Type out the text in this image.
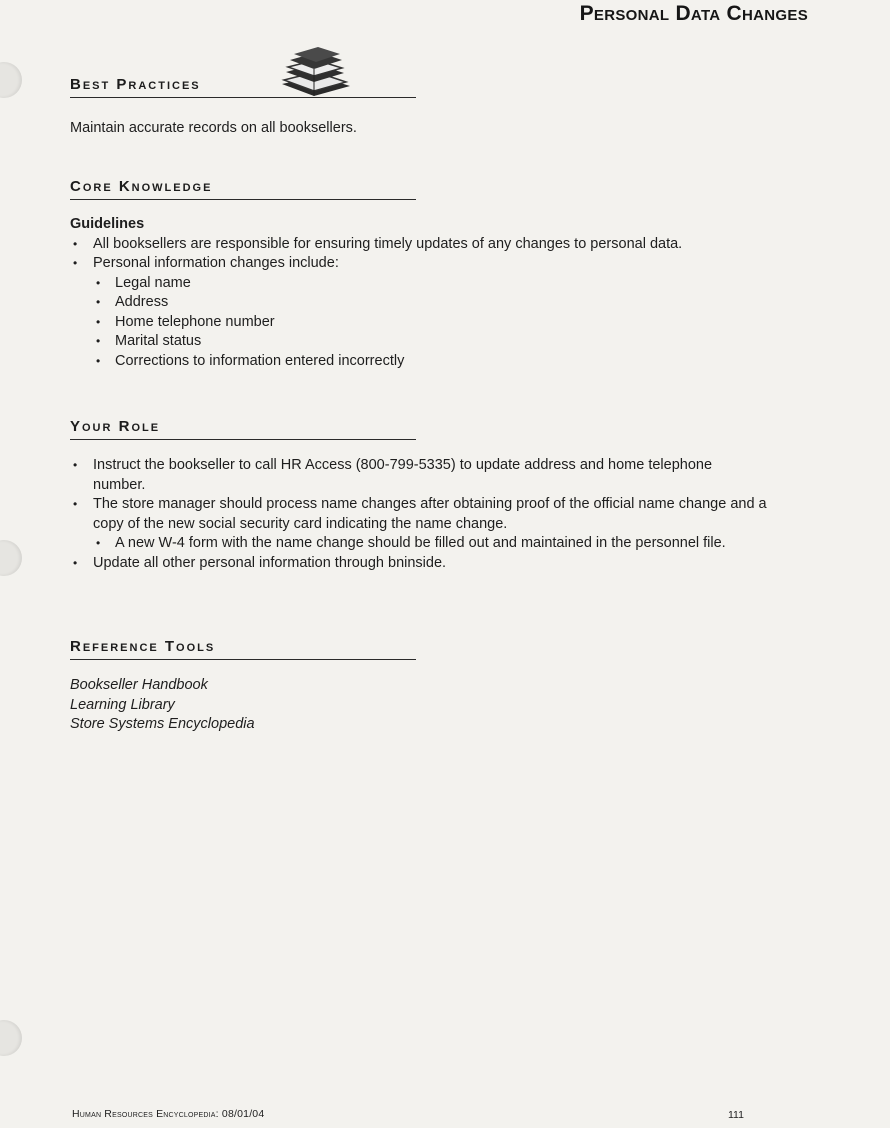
Personal Data Changes
Best Practices
Maintain accurate records on all booksellers.
Core Knowledge
Guidelines
• All booksellers are responsible for ensuring timely updates of any changes to personal data.
• Personal information changes include:
• Legal name
• Address
• Home telephone number
• Marital status
• Corrections to information entered incorrectly
Your Role
• Instruct the bookseller to call HR Access (800-799-5335) to update address and home telephone number.
• The store manager should process name changes after obtaining proof of the official name change and a copy of the new social security card indicating the name change.
• A new W-4 form with the name change should be filled out and maintained in the personnel file.
• Update all other personal information through bninside.
Reference Tools
Bookseller Handbook
Learning Library
Store Systems Encyclopedia
Human Resources Encyclopedia: 08/01/04	111
